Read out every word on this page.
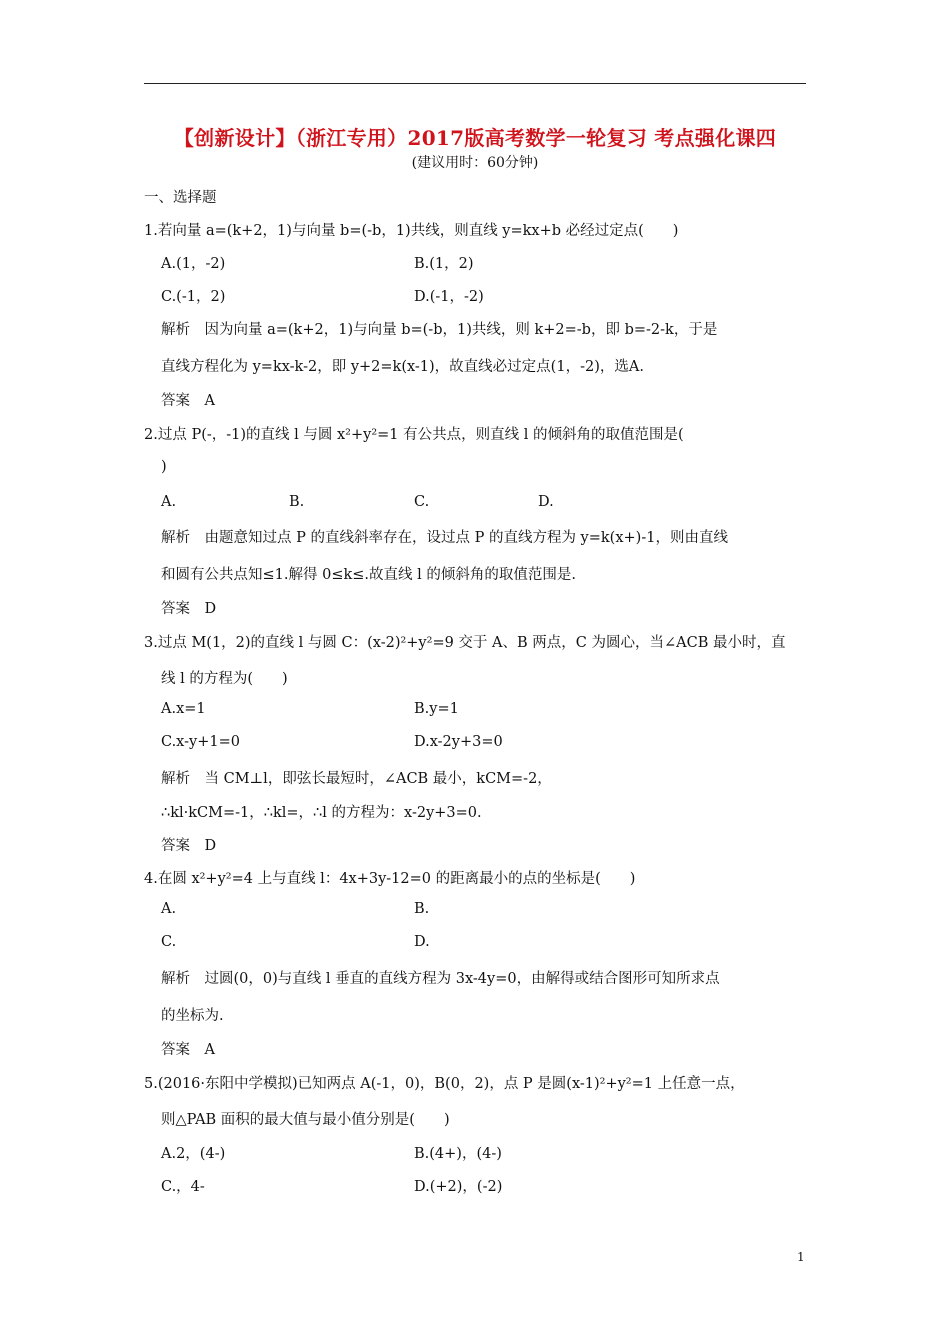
【创新设计】（浙江专用）2017版高考数学一轮复习 考点强化课四
(建议用时：60分钟)
一、选择题
1.若向量 a=(k+2，1)与向量 b=(-b，1)共线，则直线 y=kx+b 必经过定点(　　)
A.(1，-2)	B.(1，2)
C.(-1，2)	D.(-1，-2)
解析　因为向量 a=(k+2，1)与向量 b=(-b，1)共线，则 k+2=-b，即 b=-2-k，于是
直线方程化为 y=kx-k-2，即 y+2=k(x-1)，故直线必过定点(1，-2)，选A.
答案　A
2.过点 P(-，-1)的直线 l 与圆 x²+y²=1 有公共点，则直线 l 的倾斜角的取值范围是(
)
A.	B.	C.	D.
解析　由题意知过点 P 的直线斜率存在，设过点 P 的直线方程为 y=k(x+)-1，则由直线
和圆有公共点知≤1.解得 0≤k≤.故直线 l 的倾斜角的取值范围是.
答案　D
3.过点 M(1，2)的直线 l 与圆 C：(x-2)²+y²=9 交于 A、B 两点，C 为圆心，当∠ACB 最小时，直
线 l 的方程为(　　)
A.x=1	B.y=1
C.x-y+1=0	D.x-2y+3=0
解析　当 CM⊥l，即弦长最短时，∠ACB 最小，kCM=-2，
∴kl·kCM=-1，∴kl=，∴l 的方程为：x-2y+3=0.
答案　D
4.在圆 x²+y²=4 上与直线 l：4x+3y-12=0 的距离最小的点的坐标是(　　)
A.	B.
C.	D.
解析　过圆(0，0)与直线 l 垂直的直线方程为 3x-4y=0，由解得或结合图形可知所求点
的坐标为.
答案　A
5.(2016·东阳中学模拟)已知两点 A(-1，0)，B(0，2)，点 P 是圆(x-1)²+y²=1 上任意一点，
则△PAB 面积的最大值与最小值分别是(　　)
A.2，(4-)	B.(4+)，(4-)
C.，4-	D.(+2)，(-2)
1
